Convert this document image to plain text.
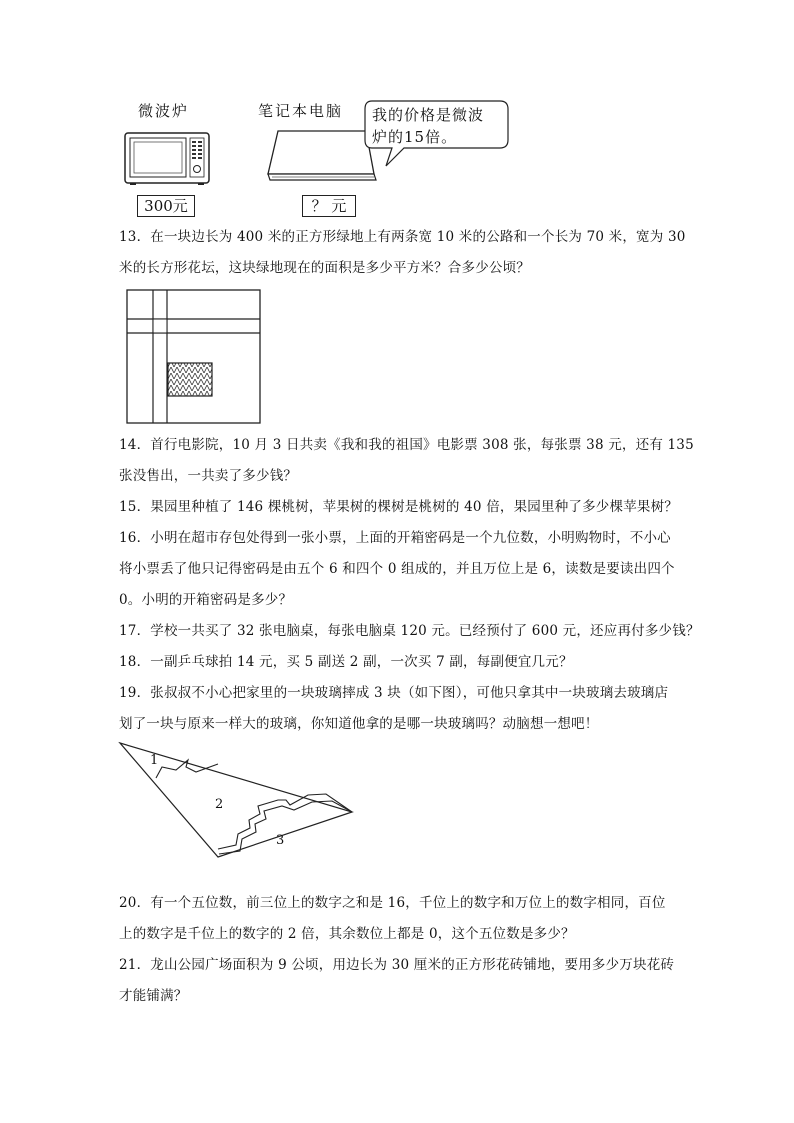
微波炉	笔记本电脑 我的价格是微波
炉的15倍。
300元	？ 元
13．在一块边长为 400 米的正方形绿地上有两条宽 10 米的公路和一个长为 70 米，宽为 30
米的长方形花坛，这块绿地现在的面积是多少平方米？合多少公顷？
14．首行电影院，10 月 3 日共卖《我和我的祖国》电影票 308 张，每张票 38 元，还有 135
张没售出，一共卖了多少钱？
15．果园里种植了 146 棵桃树，苹果树的棵树是桃树的 40 倍，果园里种了多少棵苹果树？
16．小明在超市存包处得到一张小票，上面的开箱密码是一个九位数，小明购物时，不小心
将小票丢了他只记得密码是由五个 6 和四个 0 组成的，并且万位上是 6，读数是要读出四个
0。小明的开箱密码是多少？
17．学校一共买了 32 张电脑桌，每张电脑桌 120 元。已经预付了 600 元，还应再付多少钱？
18．一副乒乓球拍 14 元，买 5 副送 2 副，一次买 7 副，每副便宜几元？
19．张叔叔不小心把家里的一块玻璃摔成 3 块（如下图），可他只拿其中一块玻璃去玻璃店
划了一块与原来一样大的玻璃，你知道他拿的是哪一块玻璃吗？动脑想一想吧！
1
2
3
20．有一个五位数，前三位上的数字之和是 16，千位上的数字和万位上的数字相同，百位
上的数字是千位上的数字的 2 倍，其余数位上都是 0，这个五位数是多少？
21．龙山公园广场面积为 9 公顷，用边长为 30 厘米的正方形花砖铺地，要用多少万块花砖
才能铺满？
